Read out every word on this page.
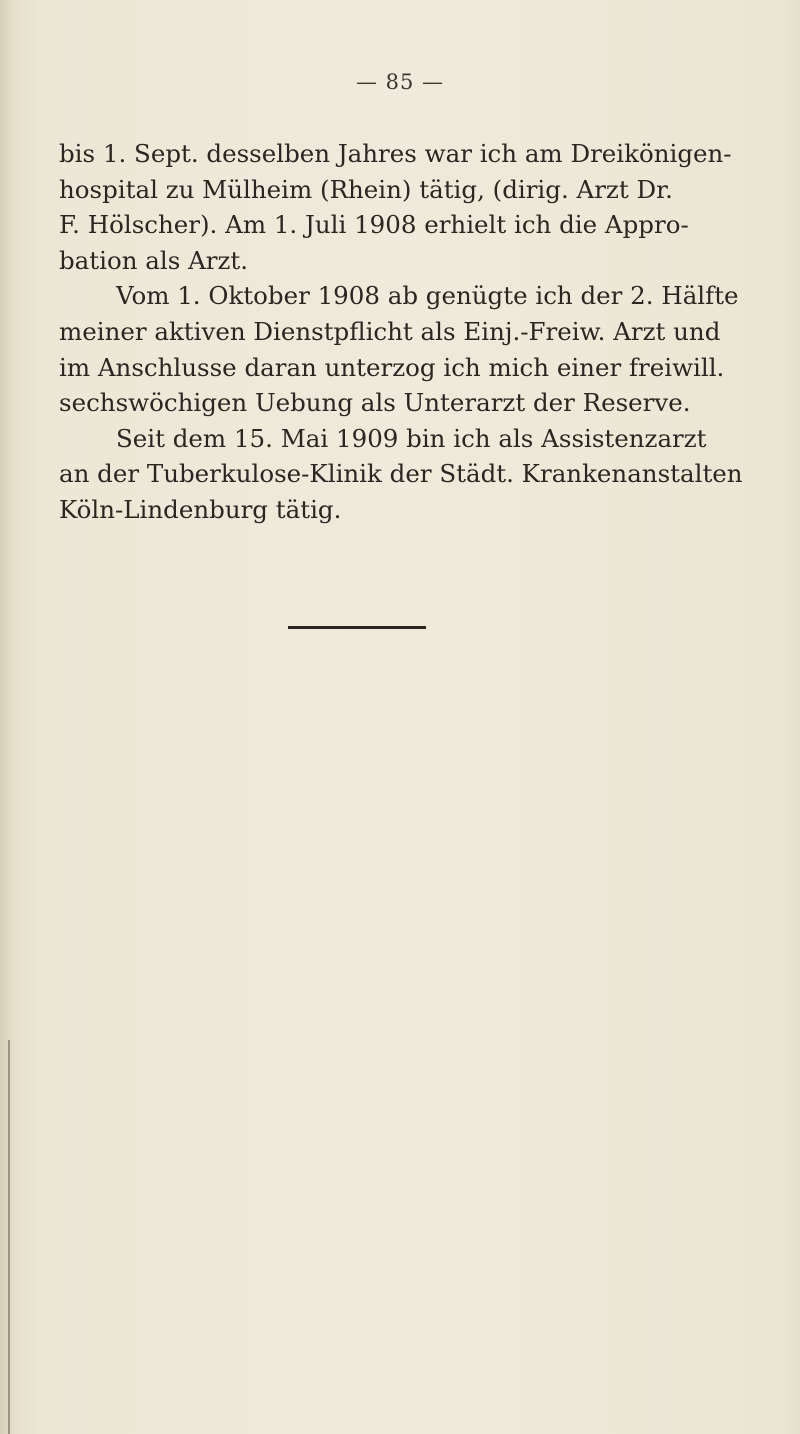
— 85 —
bis 1. Sept. desselben Jahres war ich am Dreikönigen-
hospital zu Mülheim (Rhein) tätig, (dirig. Arzt Dr.
F. Hölscher). Am 1. Juli 1908 erhielt ich die Appro-
bation als Arzt.
Vom 1. Oktober 1908 ab genügte ich der 2. Hälfte
meiner aktiven Dienstpflicht als Einj.-Freiw. Arzt und
im Anschlusse daran unterzog ich mich einer freiwill.
sechswöchigen Uebung als Unterarzt der Reserve.
Seit dem 15. Mai 1909 bin ich als Assistenzarzt
an der Tuberkulose-Klinik der Städt. Krankenanstalten
Köln-Lindenburg tätig.
